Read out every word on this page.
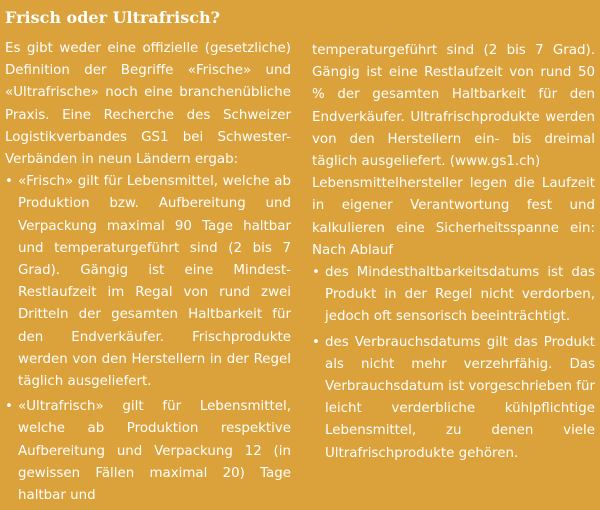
Frisch oder Ultrafrisch?

Es gibt weder eine offizielle (gesetzliche) Definition der Begriffe «Frische» und «Ultrafrische» noch eine branchenübliche Praxis. Eine Recherche des Schweizer Logistikverbandes GS1 bei Schwester-Verbänden in neun Ländern ergab:

• «Frisch» gilt für Lebensmittel, welche ab Produktion bzw. Aufbereitung und Verpackung maximal 90 Tage haltbar und temperaturgeführt sind (2 bis 7 Grad). Gängig ist eine Mindest-Restlaufzeit im Regal von rund zwei Dritteln der gesamten Haltbarkeit für den Endverkäufer. Frischprodukte werden von den Herstellern in der Regel täglich ausgeliefert.
• «Ultrafrisch» gilt für Lebensmittel, welche ab Produktion respektive Aufbereitung und Verpackung 12 (in gewissen Fällen maximal 20) Tage haltbar und

temperaturgeführt sind (2 bis 7 Grad). Gängig ist eine Restlaufzeit von rund 50 % der gesamten Haltbarkeit für den Endverkäufer. Ultrafrischprodukte werden von den Herstellern ein- bis dreimal täglich ausgeliefert. (www.gs1.ch)

Lebensmittelhersteller legen die Laufzeit in eigener Verantwortung fest und kalkulieren eine Sicherheitsspanne ein: Nach Ablauf

• des Mindesthaltbarkeitsdatums ist das Produkt in der Regel nicht verdorben, jedoch oft sensorisch beeinträchtigt.
• des Verbrauchsdatums gilt das Produkt als nicht mehr verzehrfähig. Das Verbrauchsdatum ist vorgeschrieben für leicht verderbliche kühlpflichtige Lebensmittel, zu denen viele Ultrafrischprodukte gehören.
